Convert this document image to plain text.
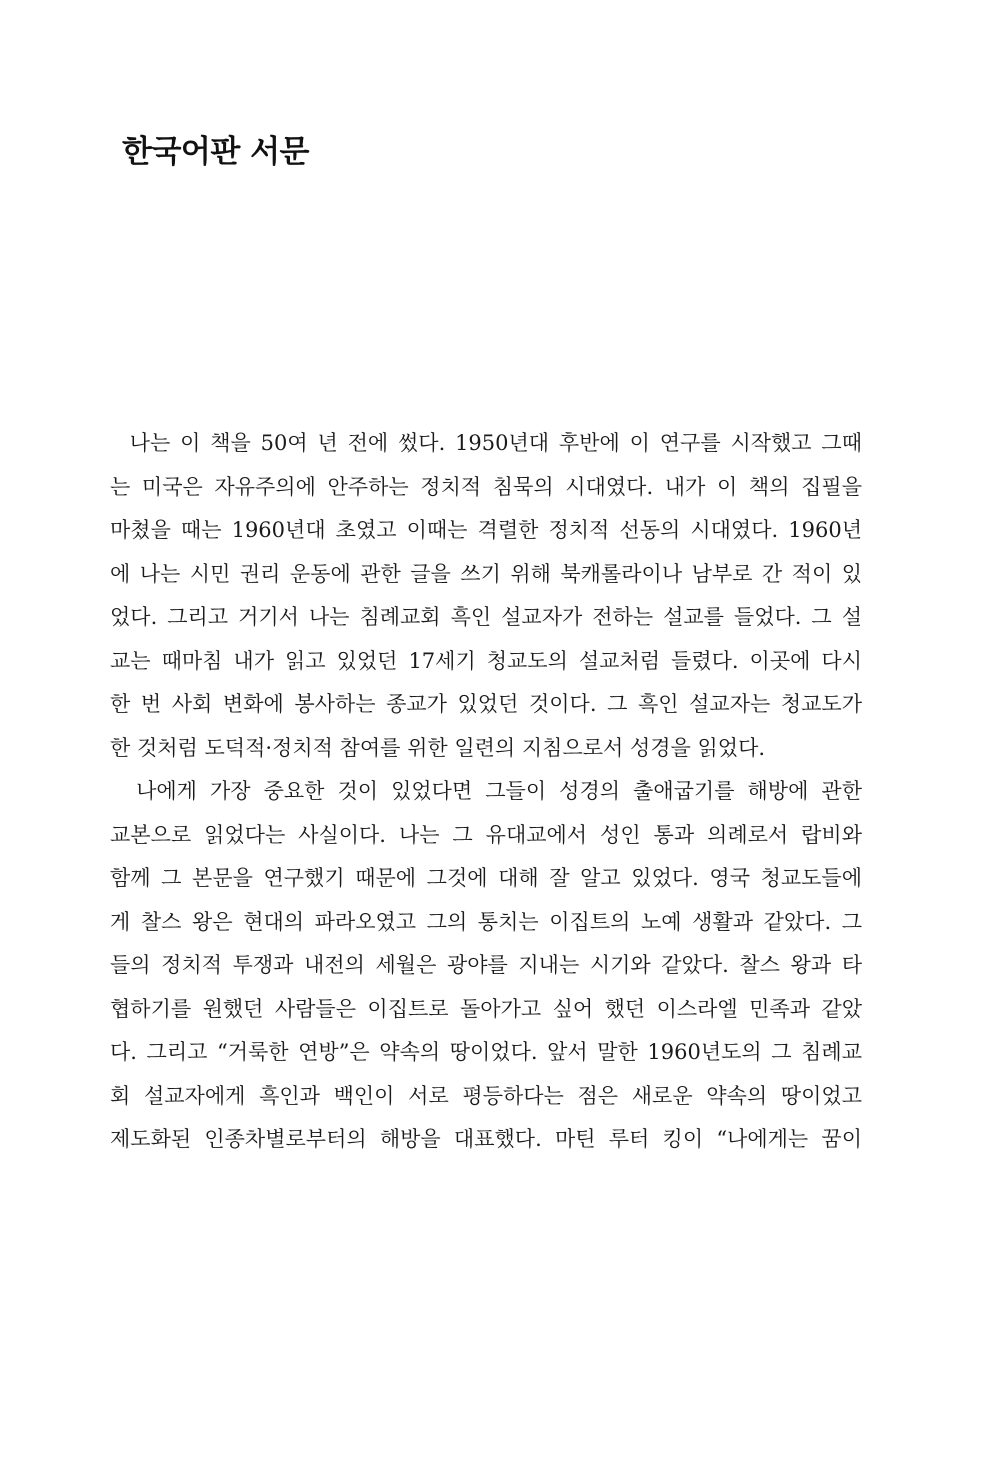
한국어판 서문
나는 이 책을 50여 년 전에 썼다. 1950년대 후반에 이 연구를 시작했고 그때
는 미국은 자유주의에 안주하는 정치적 침묵의 시대였다. 내가 이 책의 집필을
마쳤을 때는 1960년대 초였고 이때는 격렬한 정치적 선동의 시대였다. 1960년
에 나는 시민 권리 운동에 관한 글을 쓰기 위해 북캐롤라이나 남부로 간 적이 있
었다. 그리고 거기서 나는 침례교회 흑인 설교자가 전하는 설교를 들었다. 그 설
교는 때마침 내가 읽고 있었던 17세기 청교도의 설교처럼 들렸다. 이곳에 다시
한 번 사회 변화에 봉사하는 종교가 있었던 것이다. 그 흑인 설교자는 청교도가
한 것처럼 도덕적·정치적 참여를 위한 일련의 지침으로서 성경을 읽었다.
나에게 가장 중요한 것이 있었다면 그들이 성경의 출애굽기를 해방에 관한
교본으로 읽었다는 사실이다. 나는 그 유대교에서 성인 통과 의례로서 랍비와
함께 그 본문을 연구했기 때문에 그것에 대해 잘 알고 있었다. 영국 청교도들에
게 찰스 왕은 현대의 파라오였고 그의 통치는 이집트의 노예 생활과 같았다. 그
들의 정치적 투쟁과 내전의 세월은 광야를 지내는 시기와 같았다. 찰스 왕과 타
협하기를 원했던 사람들은 이집트로 돌아가고 싶어 했던 이스라엘 민족과 같았
다. 그리고 “거룩한 연방”은 약속의 땅이었다. 앞서 말한 1960년도의 그 침례교
회 설교자에게 흑인과 백인이 서로 평등하다는 점은 새로운 약속의 땅이었고
제도화된 인종차별로부터의 해방을 대표했다. 마틴 루터 킹이 “나에게는 꿈이
